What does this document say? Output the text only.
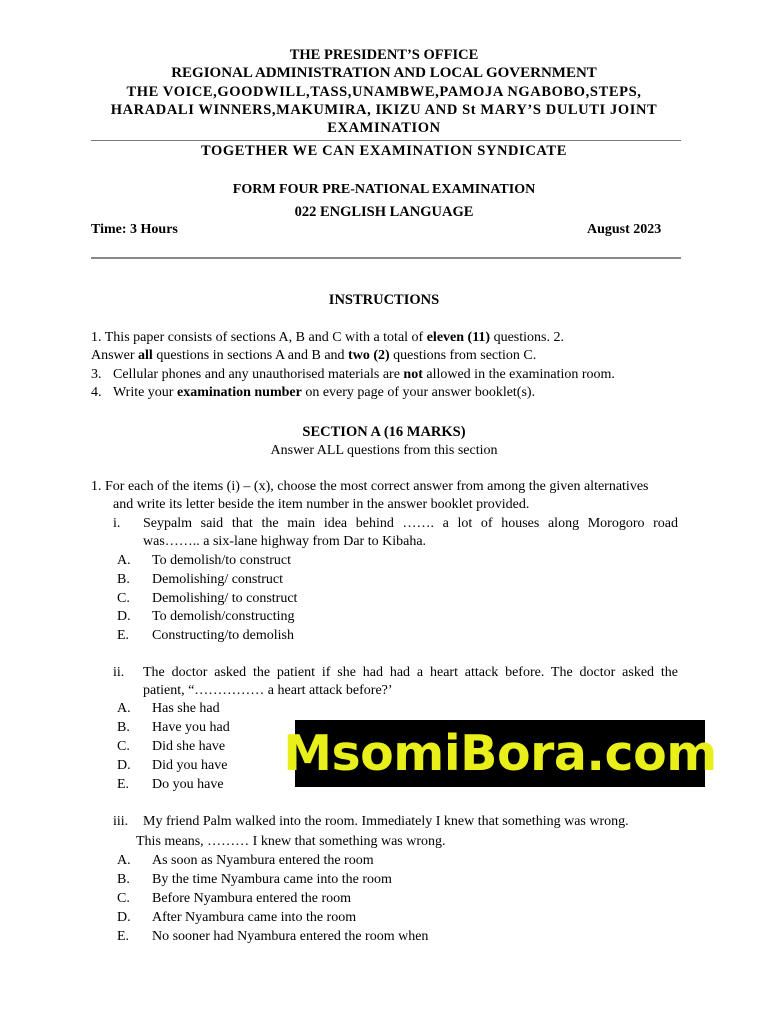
THE PRESIDENT’S OFFICE
REGIONAL ADMINISTRATION AND LOCAL GOVERNMENT
THE VOICE,GOODWILL,TASS,UNAMBWE,PAMOJA NGABOBO,STEPS,
HARADALI WINNERS,MAKUMIRA, IKIZU AND St MARY’S DULUTI JOINT
EXAMINATION
TOGETHER WE CAN EXAMINATION SYNDICATE
FORM FOUR PRE-NATIONAL EXAMINATION
022 ENGLISH LANGUAGE
Time: 3 Hours	August 2023
INSTRUCTIONS
1. This paper consists of sections A, B and C with a total of eleven (11) questions. 2.
Answer all questions in sections A and B and two (2) questions from section C.
3. Cellular phones and any unauthorised materials are not allowed in the examination room.
4. Write your examination number on every page of your answer booklet(s).
SECTION A (16 MARKS)
Answer ALL questions from this section
1. For each of the items (i) – (x), choose the most correct answer from among the given alternatives
and write its letter beside the item number in the answer booklet provided.
i. Seypalm said that the main idea behind ……. a lot of houses along Morogoro road
was…….. a six-lane highway from Dar to Kibaha.
A. To demolish/to construct
B. Demolishing/ construct
C. Demolishing/ to construct
D. To demolish/constructing
E. Constructing/to demolish
ii. The doctor asked the patient if she had had a heart attack before. The doctor asked the
patient, “…………… a heart attack before?’
A. Has she had
B. Have you had
C. Did she have
D. Did you have
E. Do you have
MsomiBora.com
iii. My friend Palm walked into the room. Immediately I knew that something was wrong.
This means, ……… I knew that something was wrong.
A. As soon as Nyambura entered the room
B. By the time Nyambura came into the room
C. Before Nyambura entered the room
D. After Nyambura came into the room
E. No sooner had Nyambura entered the room when
